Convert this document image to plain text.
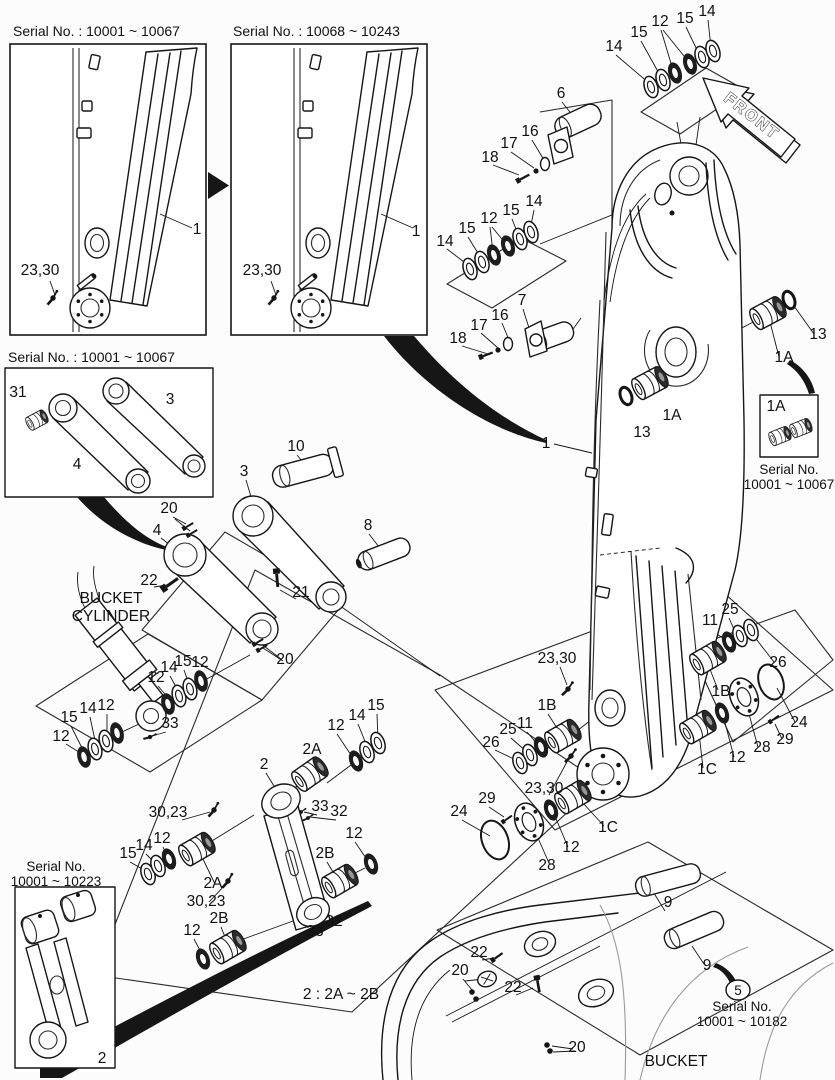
FRONT
Serial No. : 10001 ~ 10067	Serial No. : 10068 ~ 10243
Serial No. : 10001 ~ 10067
BUCKET
CYLINDER
2 : 2A ~ 2B
1A
Serial No.
10001 ~ 10067
Serial No.
10001 ~ 10223
5
Serial No.
10001 ~ 10182
BUCKET
1
23,30
1
23,30
31
4
3
14
15
12 15 14
6
16
17
18
14
15
12
15
14
13
1A
7
16
17
18
1A
13
1
10
3
8
20
4
22
21
20
12
14
15 12
33
15
14 12
12
23,30
11
25
26
1B
24
29
28
12
1C
1B
11
25
26
23,30
29
24
12
28
1C
2A
2
33 32
12
2B
30,23
15
14
12
15
14 12
2A
30,23
2B
12
32
33
2
9
9
22
20
22
20
